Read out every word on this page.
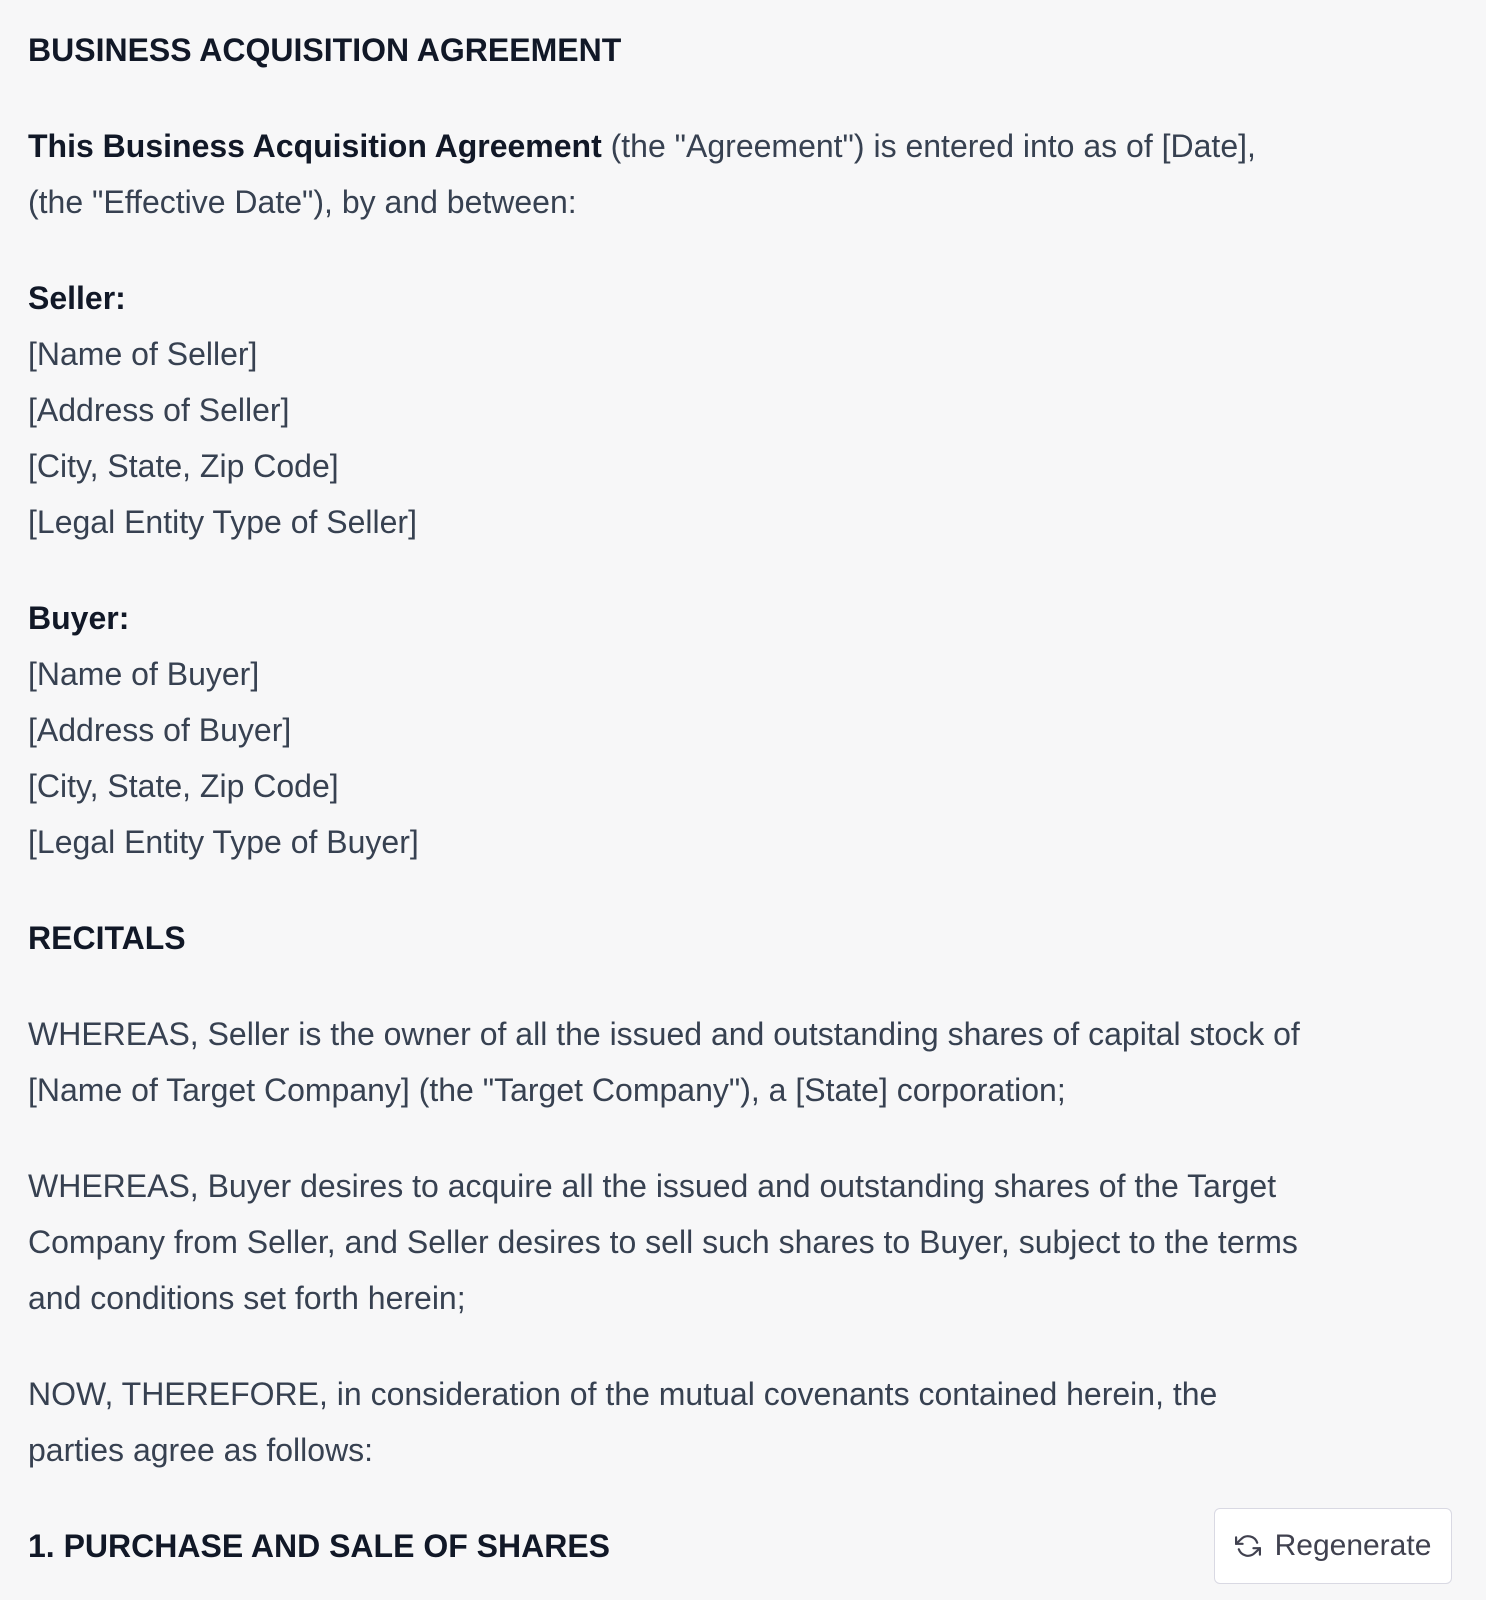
BUSINESS ACQUISITION AGREEMENT

This Business Acquisition Agreement (the "Agreement") is entered into as of [Date], (the "Effective Date"), by and between:

Seller:
[Name of Seller]
[Address of Seller]
[City, State, Zip Code]
[Legal Entity Type of Seller]

Buyer:
[Name of Buyer]
[Address of Buyer]
[City, State, Zip Code]
[Legal Entity Type of Buyer]

RECITALS

WHEREAS, Seller is the owner of all the issued and outstanding shares of capital stock of [Name of Target Company] (the "Target Company"), a [State] corporation;

WHEREAS, Buyer desires to acquire all the issued and outstanding shares of the Target Company from Seller, and Seller desires to sell such shares to Buyer, subject to the terms and conditions set forth herein;

NOW, THEREFORE, in consideration of the mutual covenants contained herein, the parties agree as follows:

1. PURCHASE AND SALE OF SHARES	Regenerate
